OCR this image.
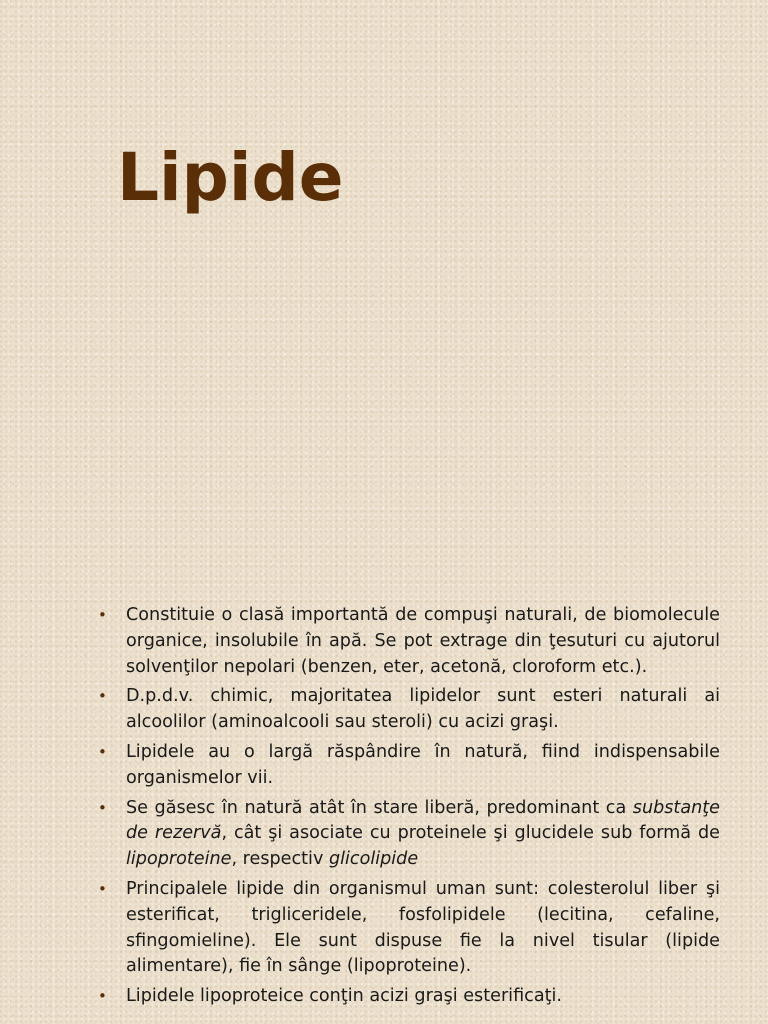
Lipide
• Constituie o clasă importantă de compuşi naturali, de biomolecule organice, insolubile în apă. Se pot extrage din ţesuturi cu ajutorul solvenţilor nepolari (benzen, eter, acetonă, cloroform etc.).
• D.p.d.v. chimic, majoritatea lipidelor sunt esteri naturali ai alcoolilor (aminoalcooli sau steroli) cu acizi graşi.
• Lipidele au o largă răspândire în natură, fiind indispensabile organismelor vii.
• Se găsesc în natură atât în stare liberă, predominant ca substanţe de rezervă, cât şi asociate cu proteinele şi glucidele sub formă de lipoproteine, respectiv glicolipide
• Principalele lipide din organismul uman sunt: colesterolul liber şi esterificat, trigliceridele, fosfolipidele (lecitina, cefaline, sfingomieline). Ele sunt dispuse fie la nivel tisular (lipide alimentare), fie în sânge (lipoproteine).
• Lipidele lipoproteice conţin acizi graşi esterificaţi.
